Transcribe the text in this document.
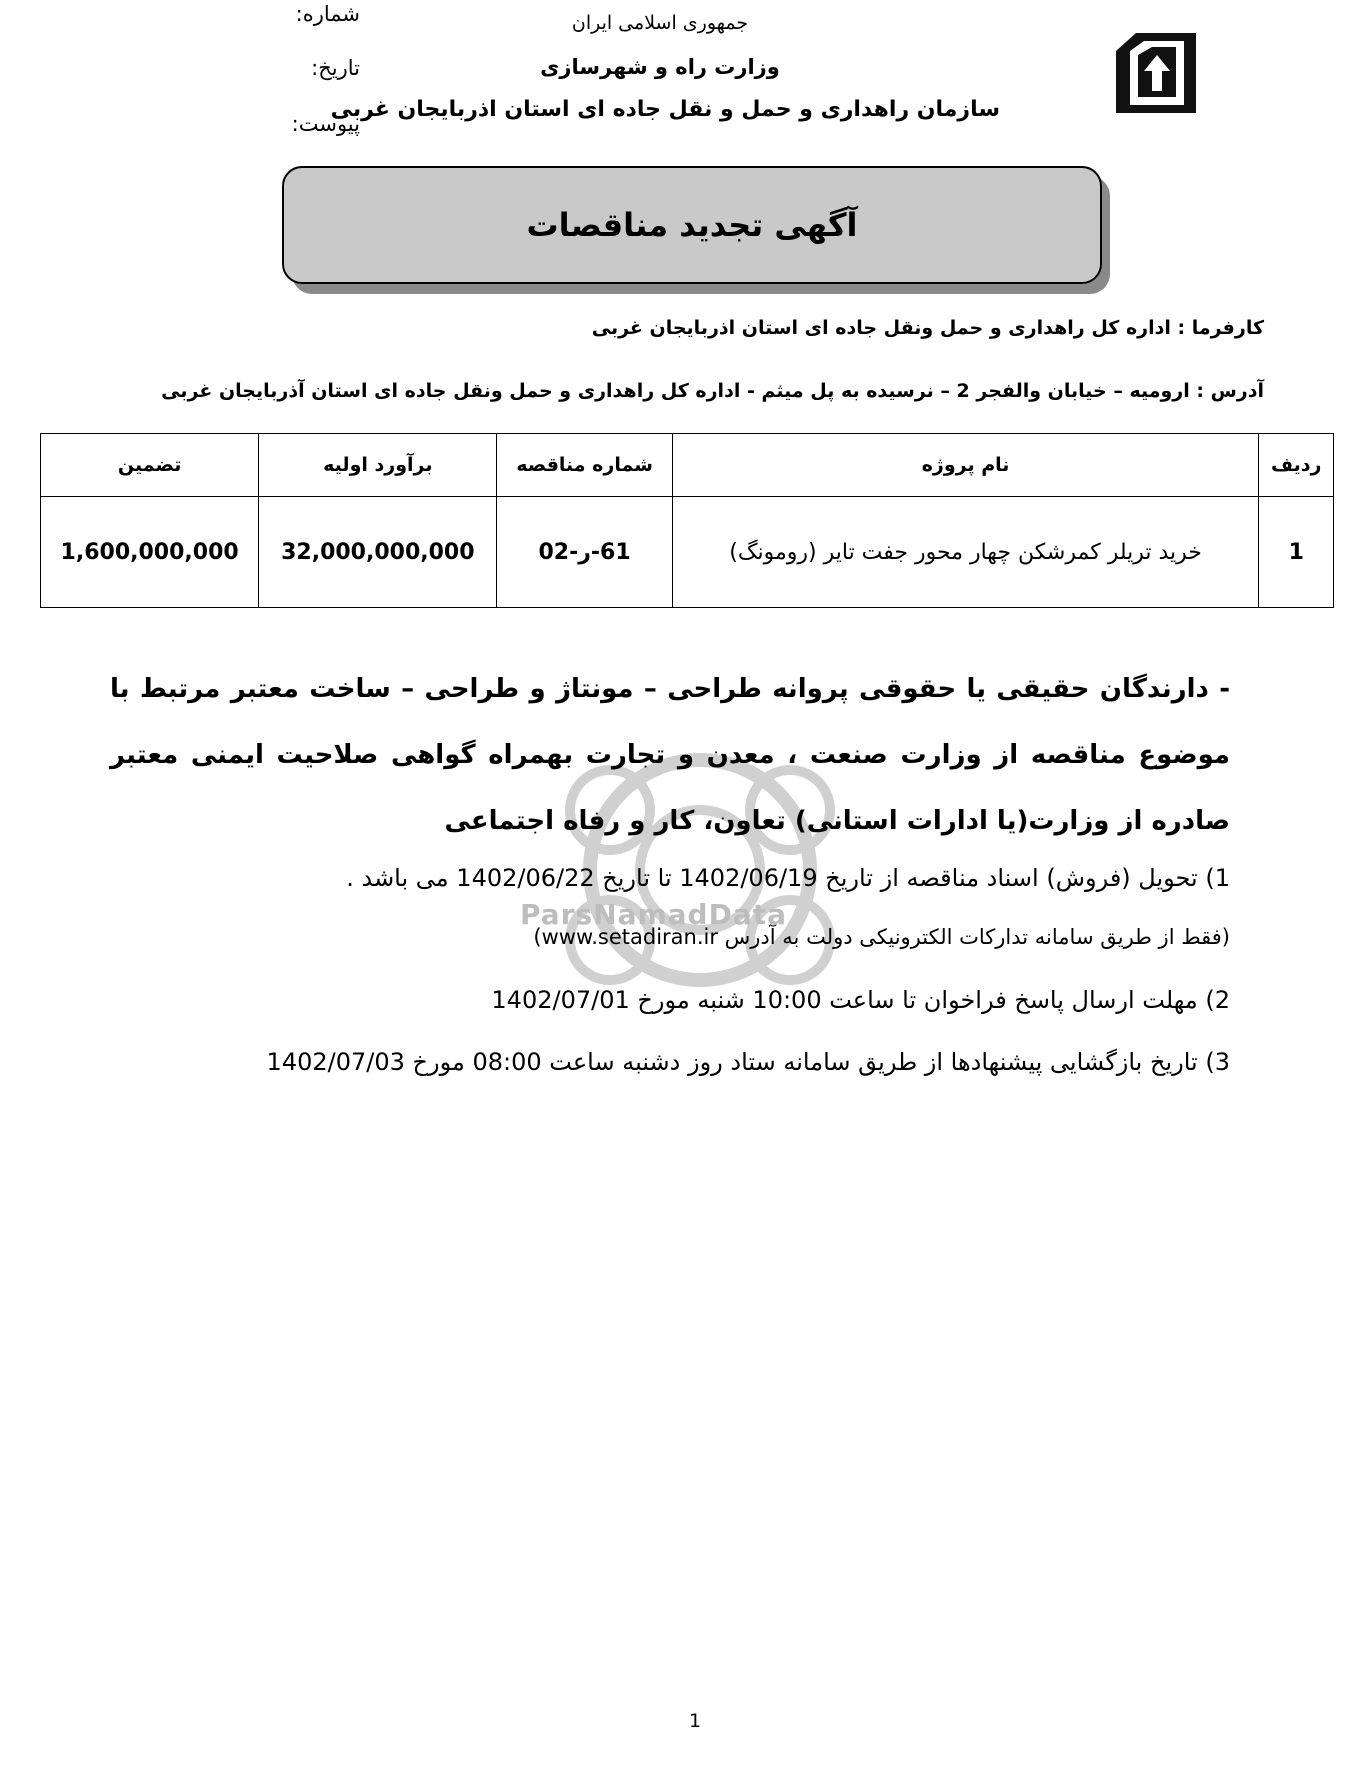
شماره:
تاریخ:
پیوست:
جمهوری اسلامی ایران
وزارت راه و شهرسازی
سازمان راهداری و حمل و نقل جاده ای استان اذربایجان غربی
آگهی تجدید مناقصات
کارفرما : اداره کل راهداری و حمل ونقل جاده ای استان اذربایجان غربی
آدرس : ارومیه – خیابان والفجر 2 – نرسیده به پل میثم - اداره کل راهداری و حمل ونقل جاده ای استان آذربایجان غربی
ردیف	نام پروژه	شماره مناقصه	برآورد اولیه	تضمین
1	خرید تریلر کمرشکن چهار محور جفت تایر (رومونگ)	61-ر-02	32,000,000,000	1,600,000,000
ParsNamadData
- دارندگان حقیقی یا حقوقی پروانه طراحی – مونتاژ و طراحی – ساخت معتبر مرتبط با موضوع مناقصه از وزارت صنعت ، معدن و تجارت بهمراه گواهی صلاحیت ایمنی معتبر صادره از وزارت(یا ادارات استانی) تعاون، کار و رفاه اجتماعی
1) تحویل (فروش) اسناد مناقصه از تاریخ 1402/06/19 تا تاریخ 1402/06/22 می باشد .
(فقط از طریق سامانه تدارکات الکترونیکی دولت به آدرس www.setadiran.ir)
2) مهلت ارسال پاسخ فراخوان تا ساعت 10:00 شنبه مورخ 1402/07/01
3) تاریخ بازگشایی پیشنهادها از طریق سامانه ستاد روز دشنبه ساعت 08:00 مورخ 1402/07/03
1
